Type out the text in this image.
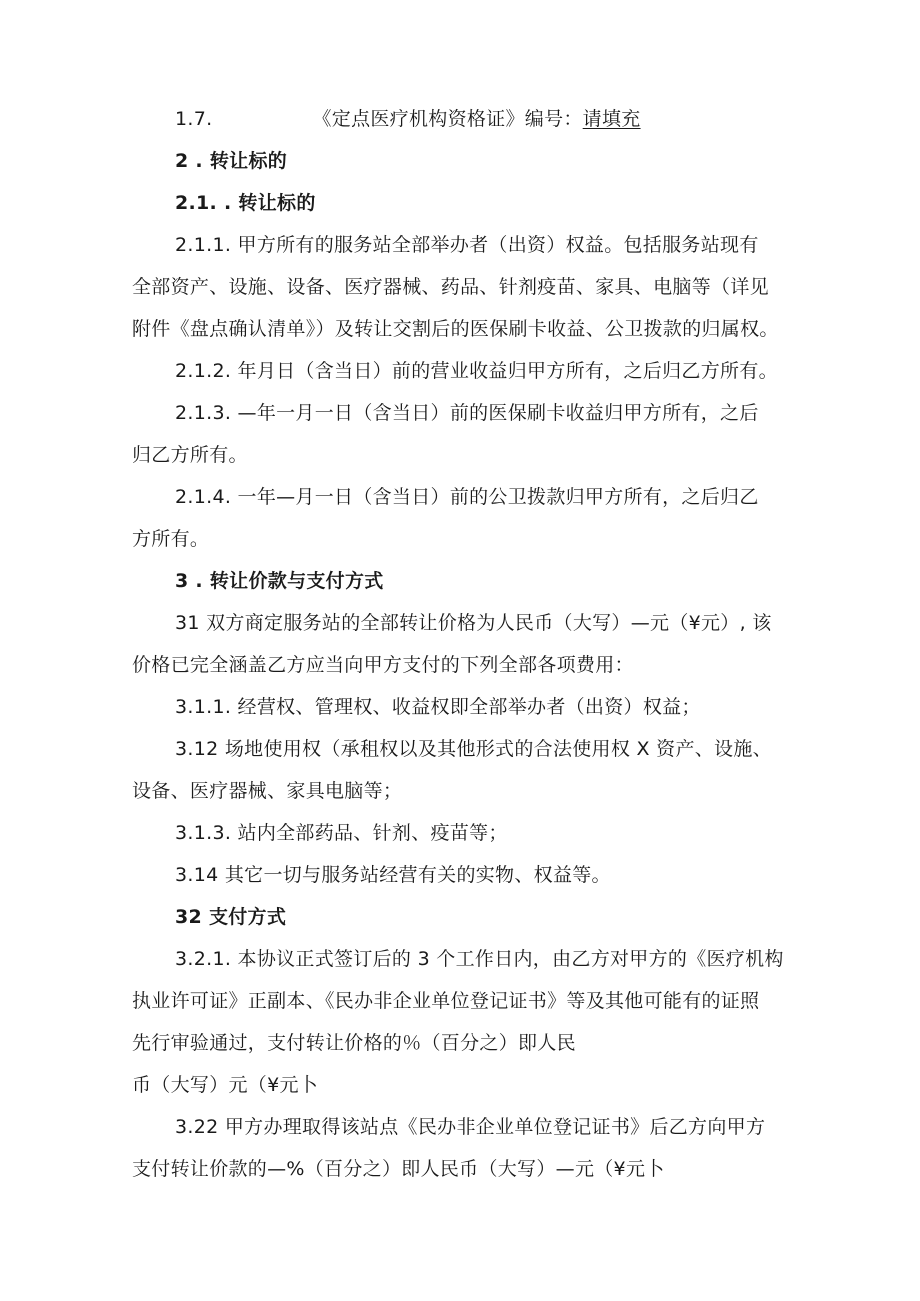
1.7.	《定点医疗机构资格证》编号：请填充
2 . 转让标的
2.1. . 转让标的
2.1.1. 甲方所有的服务站全部举办者（出资）权益。包括服务站现有
全部资产、设施、设备、医疗器械、药品、针剂疫苗、家具、电脑等（详见
附件《盘点确认清单》）及转让交割后的医保刷卡收益、公卫拨款的归属权。
2.1.2. 年月日（含当日）前的营业收益归甲方所有，之后归乙方所有。
2.1.3. —年一月一日（含当日）前的医保刷卡收益归甲方所有，之后
归乙方所有。
2.1.4. 一年—月一日（含当日）前的公卫拨款归甲方所有，之后归乙
方所有。
3 . 转让价款与支付方式
31 双方商定服务站的全部转让价格为人民币（大写）—元（¥元）, 该
价格已完全涵盖乙方应当向甲方支付的下列全部各项费用：
3.1.1. 经营权、管理权、收益权即全部举办者（出资）权益；
3.12 场地使用权（承租权以及其他形式的合法使用权 X 资产、设施、
设备、医疗器械、家具电脑等；
3.1.3. 站内全部药品、针剂、疫苗等；
3.14 其它一切与服务站经营有关的实物、权益等。
32 支付方式
3.2.1. 本协议正式签订后的 3 个工作日内，由乙方对甲方的《医疗机构
执业许可证》正副本、《民办非企业单位登记证书》等及其他可能有的证照
先行审验通过，支付转让价格的％（百分之）即人民
币（大写）元（¥元卜
3.22 甲方办理取得该站点《民办非企业单位登记证书》后乙方向甲方
支付转让价款的—%（百分之）即人民币（大写）—元（¥元卜
